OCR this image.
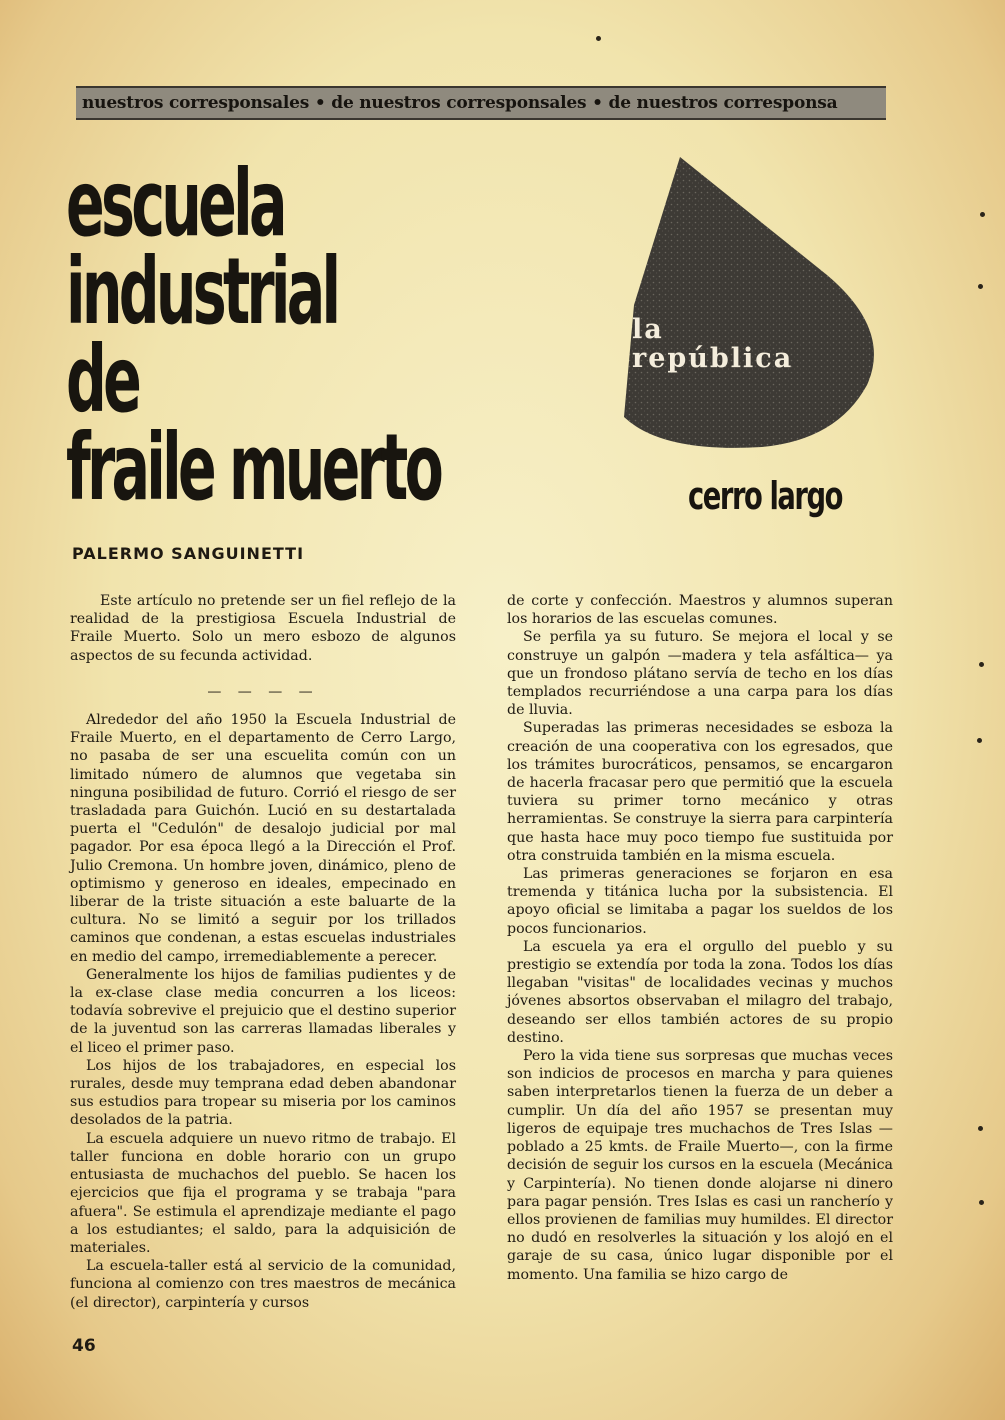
nuestros corresponsales • de nuestros corresponsales • de nuestros corresponsa
escuela
industrial
de
fraile muerto
la
república
cerro largo
PALERMO SANGUINETTI

Este artículo no pretende ser un fiel reflejo de la realidad de la prestigiosa Escuela Industrial de Fraile Muerto. Solo un mero esbozo de algunos aspectos de su fecunda actividad.

— — — —

Alrededor del año 1950 la Escuela Industrial de Fraile Muerto, en el departamento de Cerro Largo, no pasaba de ser una escuelita común con un limitado número de alumnos que vegetaba sin ninguna posibilidad de futuro. Corrió el riesgo de ser trasladada para Guichón. Lució en su destartalada puerta el "Cedulón" de desalojo judicial por mal pagador. Por esa época llegó a la Dirección el Prof. Julio Cremona. Un hombre joven, dinámico, pleno de optimismo y generoso en ideales, empecinado en liberar de la triste situación a este baluarte de la cultura. No se limitó a seguir por los trillados caminos que condenan, a estas escuelas industriales en medio del campo, irremediablemente a perecer.

Generalmente los hijos de familias pudientes y de la ex-clase clase media concurren a los liceos: todavía sobrevive el prejuicio que el destino superior de la juventud son las carreras llamadas liberales y el liceo el primer paso.

Los hijos de los trabajadores, en especial los rurales, desde muy temprana edad deben abandonar sus estudios para tropear su miseria por los caminos desolados de la patria.

La escuela adquiere un nuevo ritmo de trabajo. El taller funciona en doble horario con un grupo entusiasta de muchachos del pueblo. Se hacen los ejercicios que fija el programa y se trabaja "para afuera". Se estimula el aprendizaje mediante el pago a los estudiantes; el saldo, para la adquisición de materiales.

La escuela-taller está al servicio de la comunidad, funciona al comienzo con tres maestros de mecánica (el director), carpintería y cursos

de corte y confección. Maestros y alumnos superan los horarios de las escuelas comunes.

Se perfila ya su futuro. Se mejora el local y se construye un galpón —madera y tela asfáltica— ya que un frondoso plátano servía de techo en los días templados recurriéndose a una carpa para los días de lluvia.

Superadas las primeras necesidades se esboza la creación de una cooperativa con los egresados, que los trámites burocráticos, pensamos, se encargaron de hacerla fracasar pero que permitió que la escuela tuviera su primer torno mecánico y otras herramientas. Se construye la sierra para carpintería que hasta hace muy poco tiempo fue sustituida por otra construida también en la misma escuela.

Las primeras generaciones se forjaron en esa tremenda y titánica lucha por la subsistencia. El apoyo oficial se limitaba a pagar los sueldos de los pocos funcionarios.

La escuela ya era el orgullo del pueblo y su prestigio se extendía por toda la zona. Todos los días llegaban "visitas" de localidades vecinas y muchos jóvenes absortos observaban el milagro del trabajo, deseando ser ellos también actores de su propio destino.

Pero la vida tiene sus sorpresas que muchas veces son indicios de procesos en marcha y para quienes saben interpretarlos tienen la fuerza de un deber a cumplir. Un día del año 1957 se presentan muy ligeros de equipaje tres muchachos de Tres Islas —poblado a 25 kmts. de Fraile Muerto—, con la firme decisión de seguir los cursos en la escuela (Mecánica y Carpintería). No tienen donde alojarse ni dinero para pagar pensión. Tres Islas es casi un rancherío y ellos provienen de familias muy humildes. El director no dudó en resolverles la situación y los alojó en el garaje de su casa, único lugar disponible por el momento. Una familia se hizo cargo de

46
